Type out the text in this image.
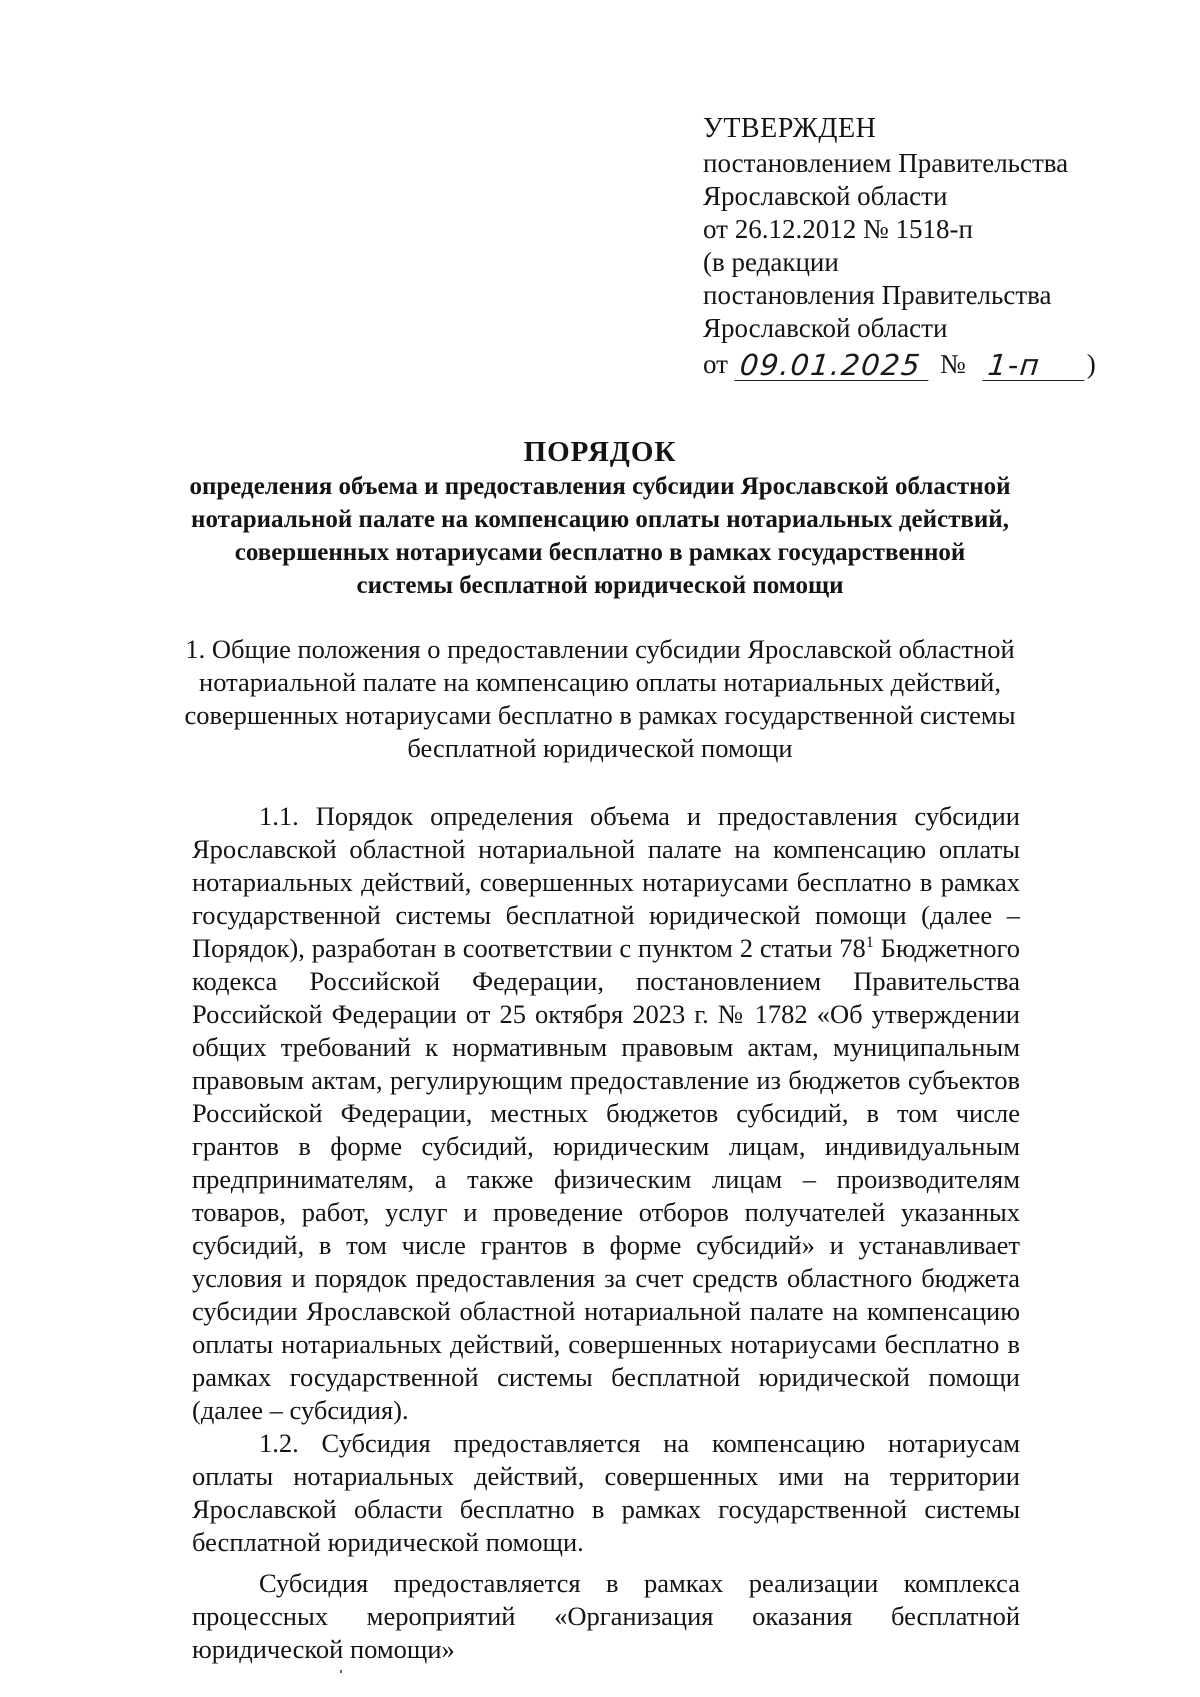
УТВЕРЖДЕН
постановлением Правительства
Ярославской области
от 26.12.2012 № 1518-п
(в редакции
постановления Правительства
Ярославской области
от 09.01.2025 № 1-п	)
ПОРЯДОК
определения объема и предоставления субсидии Ярославской областной
нотариальной палате на компенсацию оплаты нотариальных действий,
совершенных нотариусами бесплатно в рамках государственной
системы бесплатной юридической помощи
1. Общие положения о предоставлении субсидии Ярославской областной
нотариальной палате на компенсацию оплаты нотариальных действий,
совершенных нотариусами бесплатно в рамках государственной системы
бесплатной юридической помощи

1.1. Порядок определения объема и предоставления субсидии Ярославской областной нотариальной палате на компенсацию оплаты нотариальных действий, совершенных нотариусами бесплатно в рамках государственной системы бесплатной юридической помощи (далее – Порядок), разработан в соответствии с пунктом 2 статьи $78^1$ Бюджетного кодекса Российской Федерации, постановлением Правительства Российской Федерации от 25 октября 2023 г. № 1782 «Об утверждении общих требований к нормативным правовым актам, муниципальным правовым актам, регулирующим предоставление из бюджетов субъектов Российской Федерации, местных бюджетов субсидий, в том числе грантов в форме субсидий, юридическим лицам, индивидуальным предпринимателям, а также физическим лицам – производителям товаров, работ, услуг и проведение отборов получателей указанных субсидий, в том числе грантов в форме субсидий» и устанавливает условия и порядок предоставления за счет средств областного бюджета субсидии Ярославской областной нотариальной палате на компенсацию оплаты нотариальных действий, совершенных нотариусами бесплатно в рамках государственной системы бесплатной юридической помощи (далее – субсидия).

1.2. Субсидия предоставляется на компенсацию нотариусам оплаты нотариальных действий, совершенных ими на территории Ярославской области бесплатно в рамках государственной системы бесплатной юридической помощи.

Субсидия предоставляется в рамках реализации комплекса процессных мероприятий «Организация оказания бесплатной юридической помощи»
